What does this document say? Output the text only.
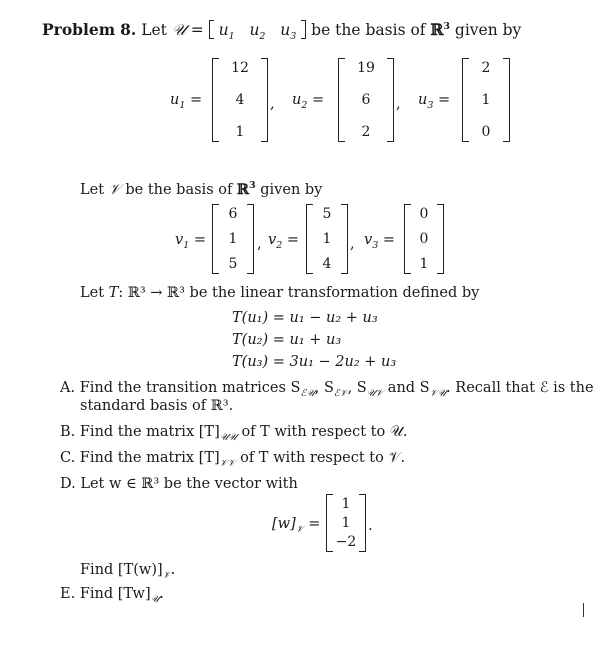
Problem 8. Let 𝒰 = $u_1$ $u_2$ $u_3$ be the basis of ℝ$^3$ given by
$u_1$ =
12
4
1
, $u_2$ =
19
6
2
, $u_3$ =
2
1
0
Let 𝒱 be the basis of ℝ$^3$ given by
$v_1$ =
6
1
5
, $v_2$ =
5
1
4
, $v_3$ =
0
0
1
Let T: ℝ³ → ℝ³ be the linear transformation defined by
T(u₁) = u₁ − u₂ + u₃
T(u₂) = u₁ + u₃
T(u₃) = 3u₁ − 2u₂ + u₃
A. Find the transition matrices $S_{ℰ𝒰}$, $S_{ℰ𝒱}$, $S_{𝒰𝒱}$ and $S_{𝒱𝒰}$. Recall that ℰ is the
standard basis of ℝ³.
B. Find the matrix $[T]_{𝒰𝒰}$ of T with respect to 𝒰.
C. Find the matrix $[T]_{𝒱𝒱}$ of T with respect to 𝒱.
D. Let w ∈ ℝ³ be the vector with
$[w]_𝒱$ =
1
1
−2
.
Find $[T(w)]_𝒱$.
E. Find $[Tw]_𝒰$.
